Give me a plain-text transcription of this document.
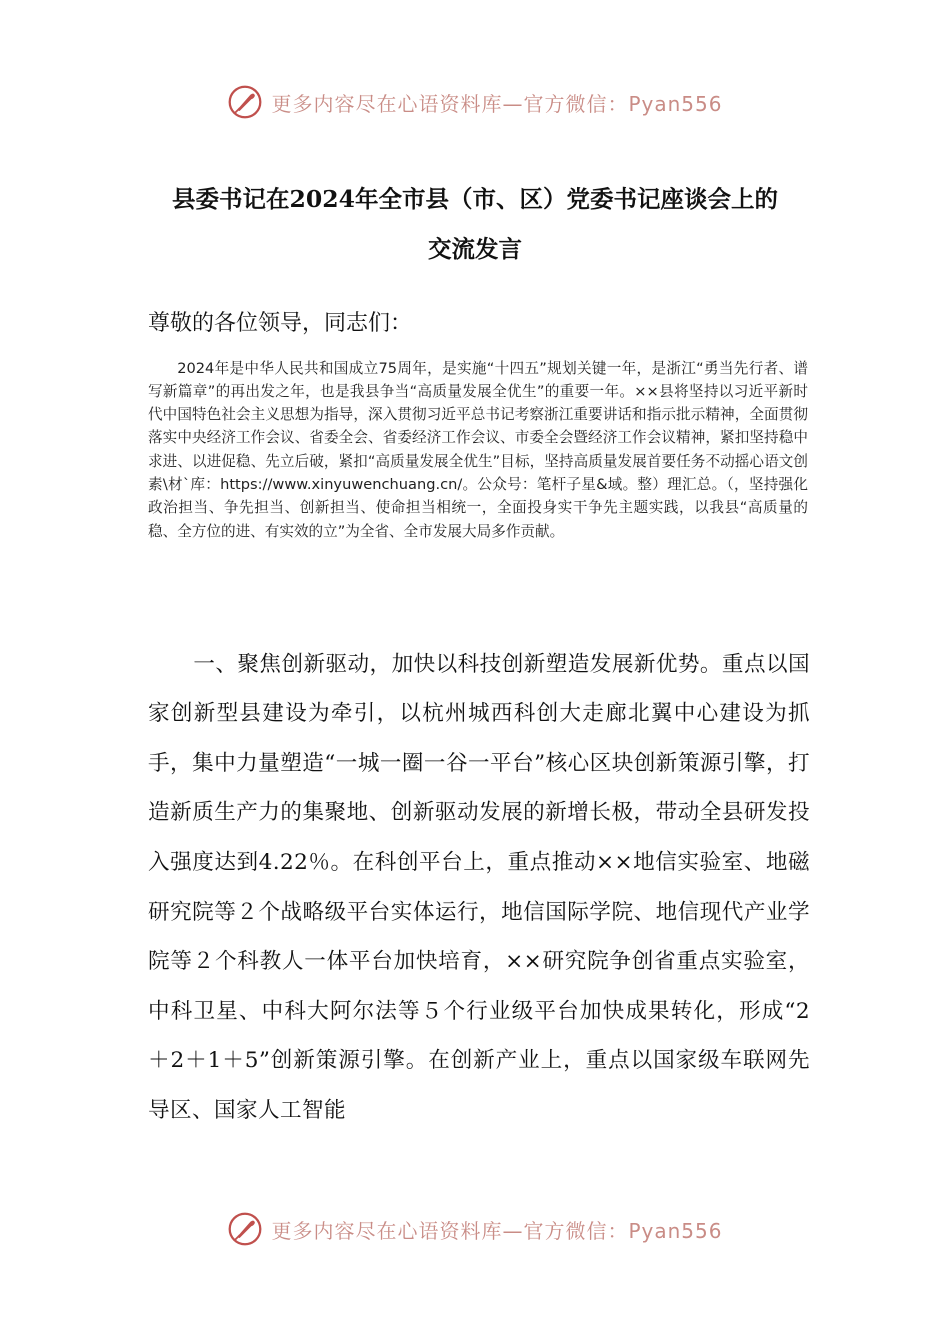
更多内容尽在心语资料库—官方微信：Pyan556
县委书记在2024年全市县（市、区）党委书记座谈会上的
交流发言
尊敬的各位领导，同志们：

2024年是中华人民共和国成立75周年，是实施“十四五”规划关键一年，是浙江“勇当先行者、谱写新篇章”的再出发之年，也是我县争当“高质量发展全优生”的重要一年。××县将坚持以习近平新时代中国特色社会主义思想为指导，深入贯彻习近平总书记考察浙江重要讲话和指示批示精神，全面贯彻落实中央经济工作会议、省委全会、省委经济工作会议、市委全会暨经济工作会议精神，紧扣坚持稳中求进、以进促稳、先立后破，紧扣“高质量发展全优生”目标，坚持高质量发展首要任务不动摇心语文创素\材`库：https://www.xinyuwenchuang.cn/。公众号：笔杆子星&域。整）理汇总。（，坚持强化政治担当、争先担当、创新担当、使命担当相统一，全面投身实干争先主题实践，以我县“高质量的稳、全方位的进、有实效的立”为全省、全市发展大局多作贡献。

一、聚焦创新驱动，加快以科技创新塑造发展新优势。重点以国家创新型县建设为牵引，以杭州城西科创大走廊北翼中心建设为抓手，集中力量塑造“一城一圈一谷一平台”核心区块创新策源引擎，打造新质生产力的集聚地、创新驱动发展的新增长极，带动全县研发投入强度达到4.22％。在科创平台上，重点推动××地信实验室、地磁研究院等２个战略级平台实体运行，地信国际学院、地信现代产业学院等２个科教人一体平台加快培育，××研究院争创省重点实验室，中科卫星、中科大阿尔法等５个行业级平台加快成果转化，形成“2＋2＋1＋5”创新策源引擎。在创新产业上，重点以国家级车联网先导区、国家人工智能

更多内容尽在心语资料库—官方微信：Pyan556
